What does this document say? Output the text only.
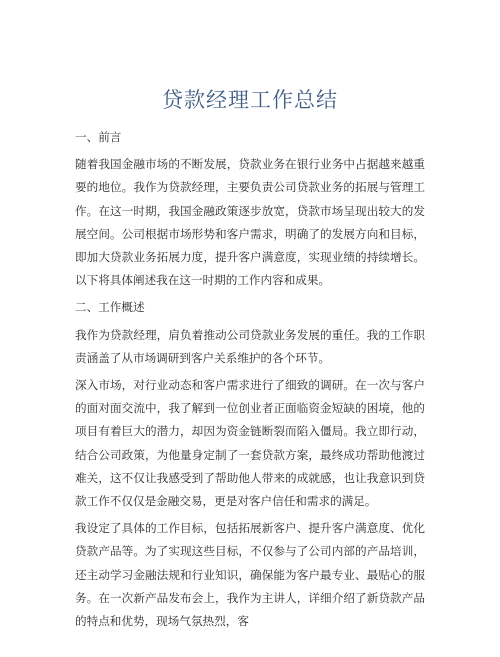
贷款经理工作总结

一、前言

随着我国金融市场的不断发展，贷款业务在银行业务中占据越来越重要的地位。我作为贷款经理，主要负责公司贷款业务的拓展与管理工作。在这一时期，我国金融政策逐步放宽，贷款市场呈现出较大的发展空间。公司根据市场形势和客户需求，明确了的发展方向和目标，即加大贷款业务拓展力度，提升客户满意度，实现业绩的持续增长。以下将具体阐述我在这一时期的工作内容和成果。

二、工作概述

我作为贷款经理，肩负着推动公司贷款业务发展的重任。我的工作职责涵盖了从市场调研到客户关系维护的各个环节。

深入市场，对行业动态和客户需求进行了细致的调研。在一次与客户的面对面交流中，我了解到一位创业者正面临资金短缺的困境，他的项目有着巨大的潜力，却因为资金链断裂而陷入僵局。我立即行动，结合公司政策，为他量身定制了一套贷款方案，最终成功帮助他渡过难关，这不仅让我感受到了帮助他人带来的成就感，也让我意识到贷款工作不仅仅是金融交易，更是对客户信任和需求的满足。

我设定了具体的工作目标，包括拓展新客户、提升客户满意度、优化贷款产品等。为了实现这些目标，不仅参与了公司内部的产品培训，还主动学习金融法规和行业知识，确保能为客户最专业、最贴心的服务。在一次新产品发布会上，我作为主讲人，详细介绍了新贷款产品的特点和优势，现场气氛热烈，客
